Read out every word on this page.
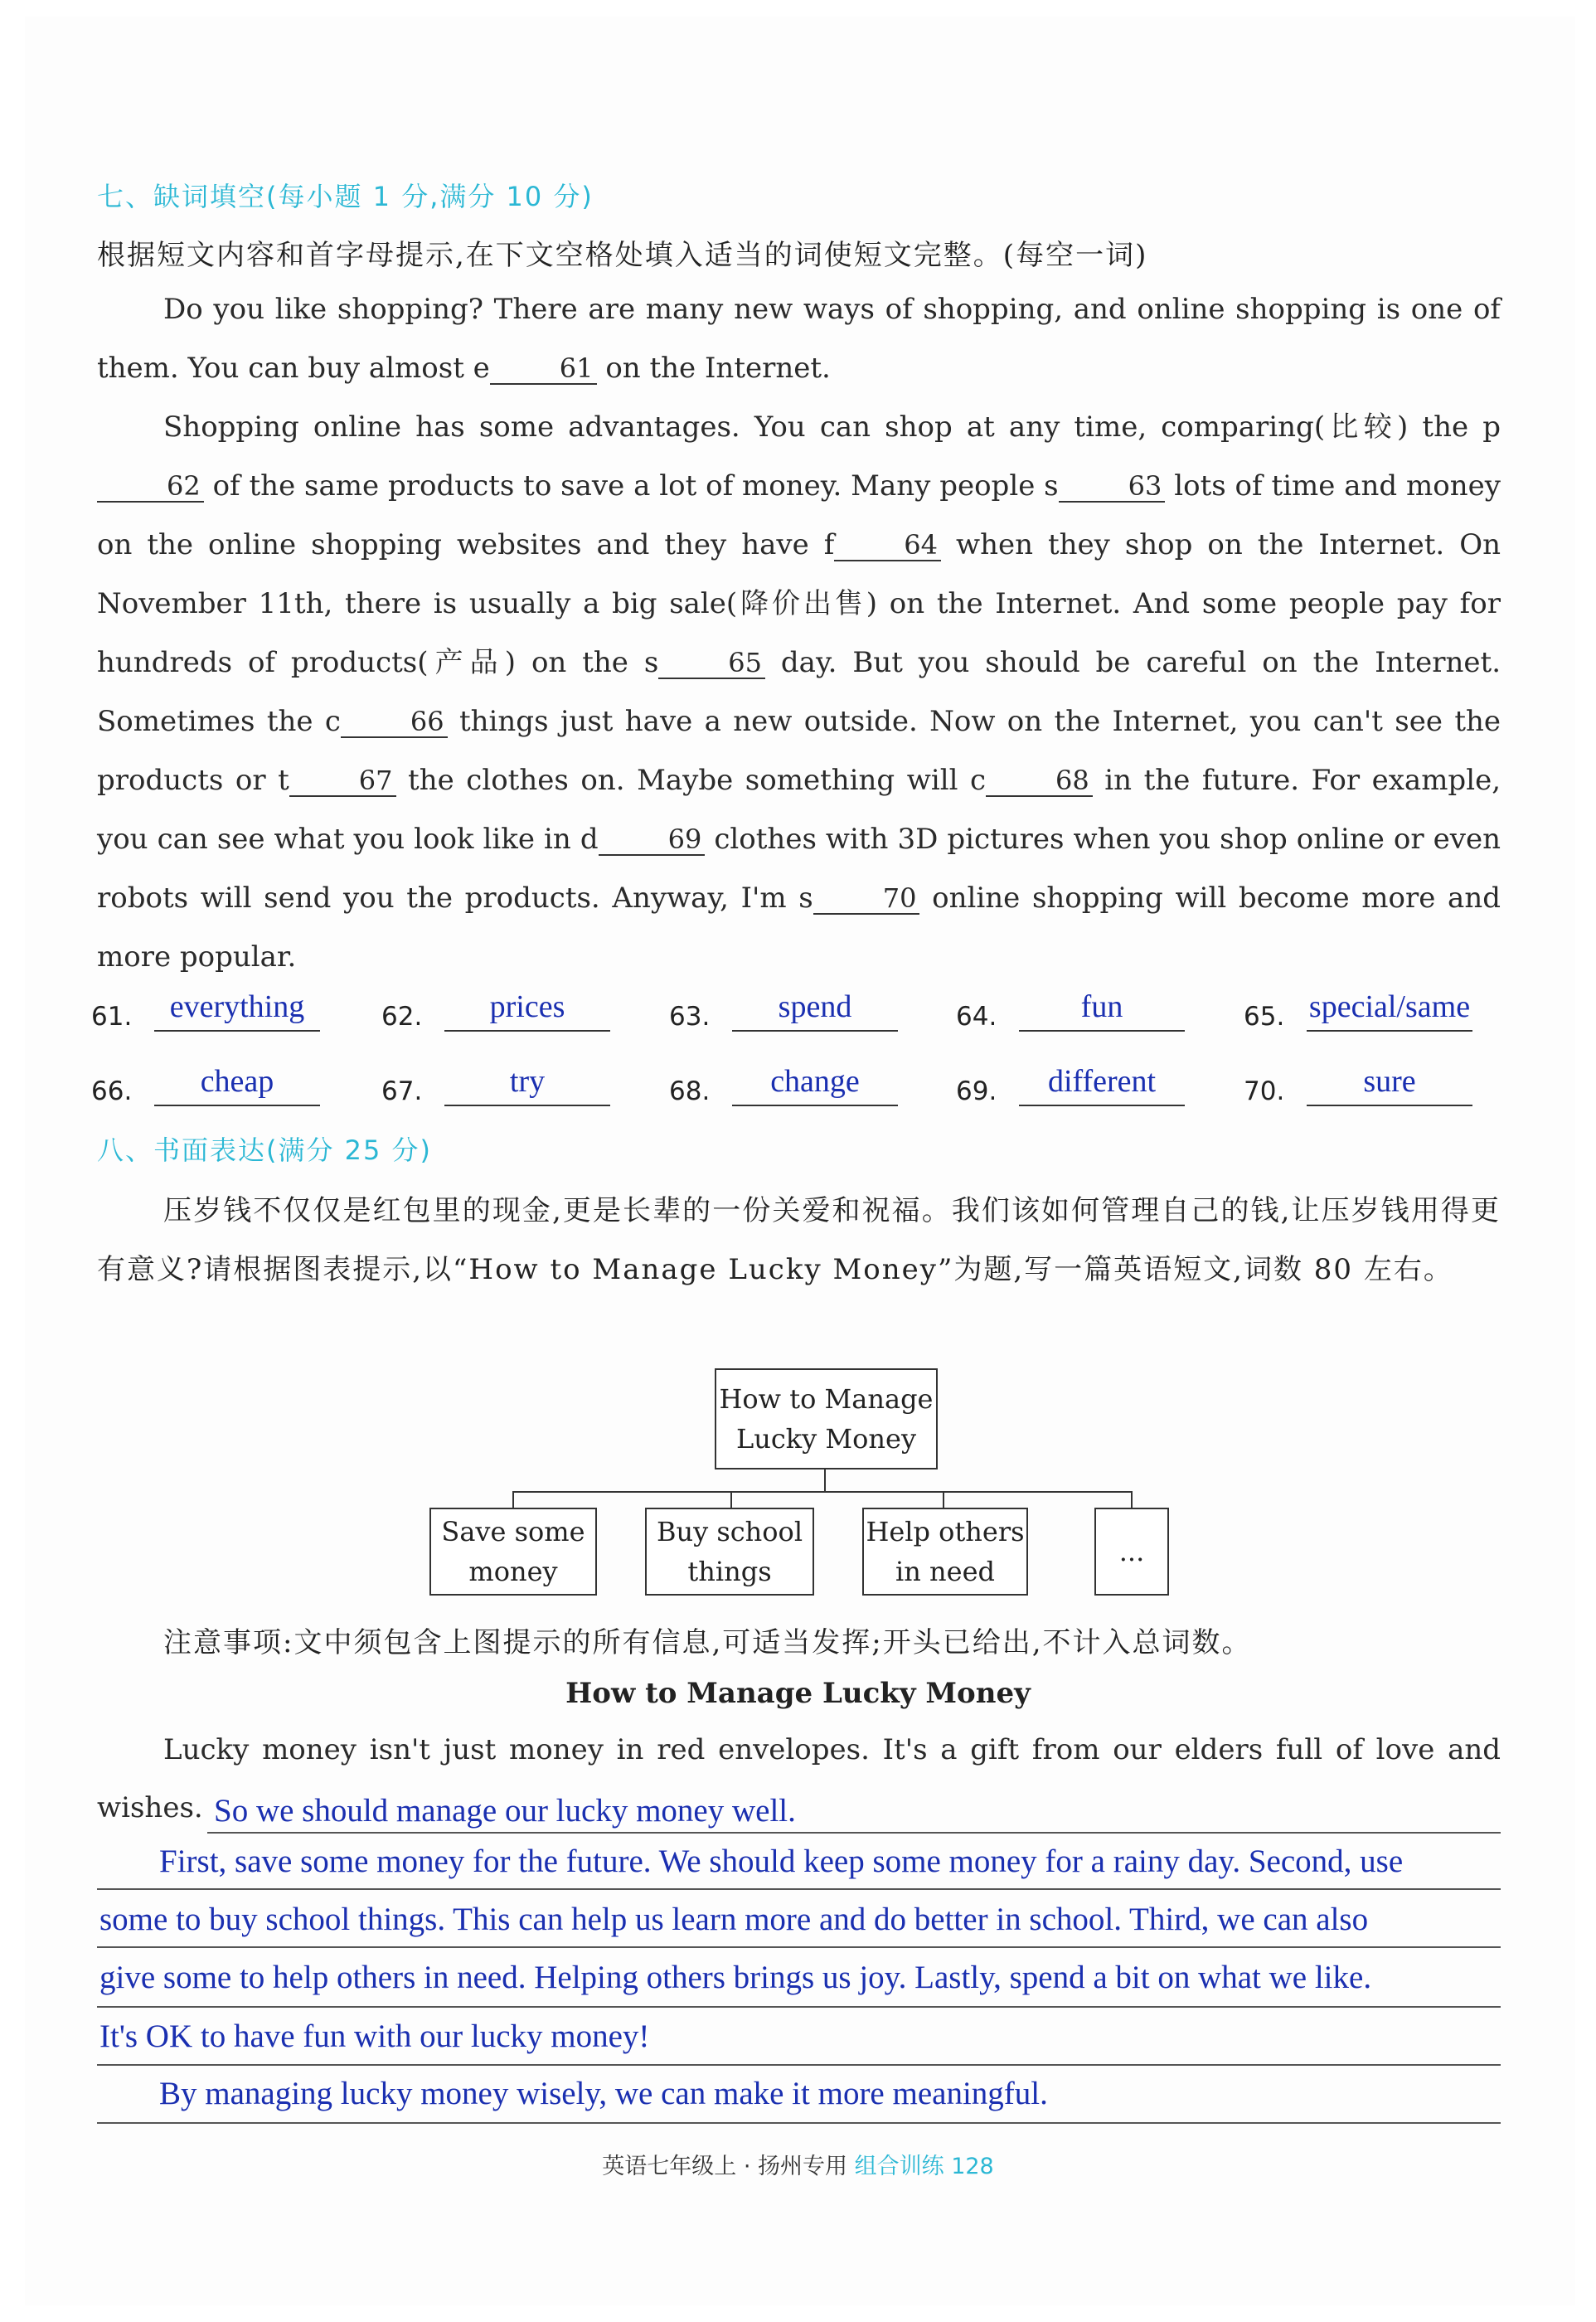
七、缺词填空(每小题 1 分,满分 10 分)
根据短文内容和首字母提示,在下文空格处填入适当的词使短文完整。(每空一词)
Do you like shopping? There are many new ways of shopping, and online shopping is one of them. You can buy almost e	61 on the Internet.
Shopping online has some advantages. You can shop at any time, comparing(比较) the p62 of the same products to save a lot of money. Many people s	63 lots of time and money on the online shopping websites and they have f	64 when they shop on the Internet. On November 11th, there is usually a big sale(降价出售) on the Internet. And some people pay for hundreds of products(产品) on the s	65 day. But you should be careful on the Internet. Sometimes the c	66 things just have a new outside. Now on the Internet, you can't see the products or t	67 the clothes on. Maybe something will c	68 in the future. For example, you can see what you look like in d	69 clothes with 3D pictures when you shop online or even robots will send you the products. Anyway, I'm s	70 online shopping will become more and more popular.
61.	everything	62.	prices	63.	spend	64.	fun	65. special/same
66.	cheap	67.	try	68.	change	69.	different	70.	sure
八、书面表达(满分 25 分)
压岁钱不仅仅是红包里的现金,更是长辈的一份关爱和祝福。我们该如何管理自己的钱,让压岁钱用得更有意义?请根据图表提示,以“How to Manage Lucky Money”为题,写一篇英语短文,词数 80 左右。
How to Manage
Lucky Money
Save some
money
Buy school
things
Help others
in need
...
注意事项:文中须包含上图提示的所有信息,可适当发挥;开头已给出,不计入总词数。
How to Manage Lucky Money
Lucky money isn't just money in red envelopes. It's a gift from our elders full of love and
wishes. So we should manage our lucky money well.
First, save some money for the future. We should keep some money for a rainy day. Second, use
some to buy school things. This can help us learn more and do better in school. Third, we can also
give some to help others in need. Helping others brings us joy. Lastly, spend a bit on what we like.
It's OK to have fun with our lucky money!
By managing lucky money wisely, we can make it more meaningful.
英语七年级上 · 扬州专用 组合训练 128
